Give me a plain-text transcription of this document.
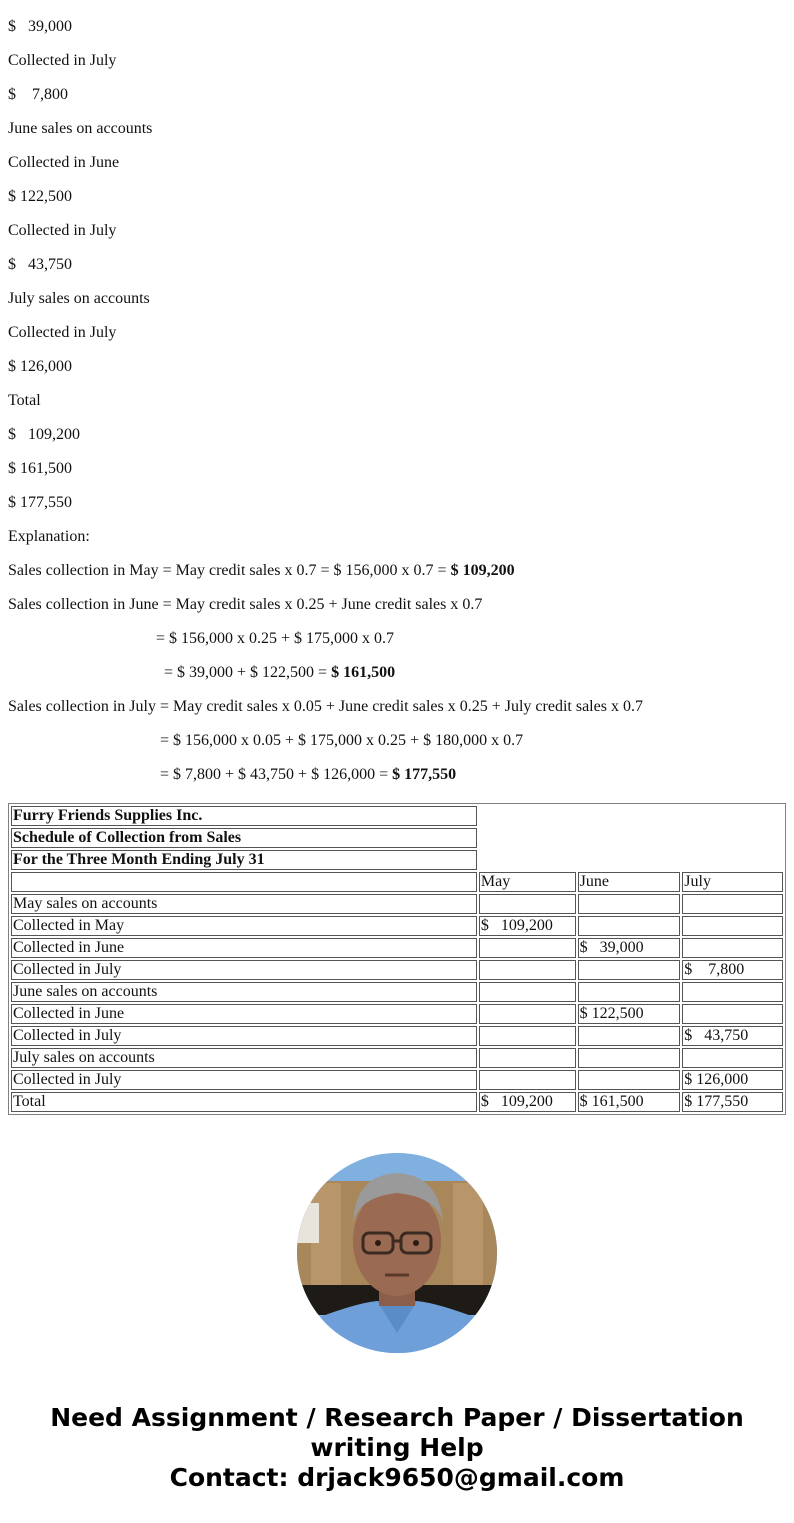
$   39,000

Collected in July

$    7,800

June sales on accounts

Collected in June

$ 122,500

Collected in July

$   43,750

July sales on accounts

Collected in July

$ 126,000

Total

$   109,200

$ 161,500

$ 177,550

Explanation:

Sales collection in May = May credit sales x 0.7 = $ 156,000 x 0.7 = $ 109,200

Sales collection in June = May credit sales x 0.25 + June credit sales x 0.7

= $ 156,000 x 0.25 + $ 175,000 x 0.7

= $ 39,000 + $ 122,500 = $ 161,500

Sales collection in July = May credit sales x 0.05 + June credit sales x 0.25 + July credit sales x 0.7

= $ 156,000 x 0.05 + $ 175,000 x 0.25 + $ 180,000 x 0.7

= $ 7,800 + $ 43,750 + $ 126,000 = $ 177,550

Furry Friends Supplies Inc.			
Schedule of Collection from Sales			
For the Three Month Ending July 31			
	May	June	July
May sales on accounts			
Collected in May	$   109,200		
Collected in June		$   39,000	
Collected in July			$    7,800
June sales on accounts			
Collected in June		$ 122,500	
Collected in July			$   43,750
July sales on accounts			
Collected in July			$ 126,000
Total	$   109,200	$ 161,500	$ 177,550
Need Assignment / Research Paper / Dissertation
writing Help
Contact: drjack9650@gmail.com
